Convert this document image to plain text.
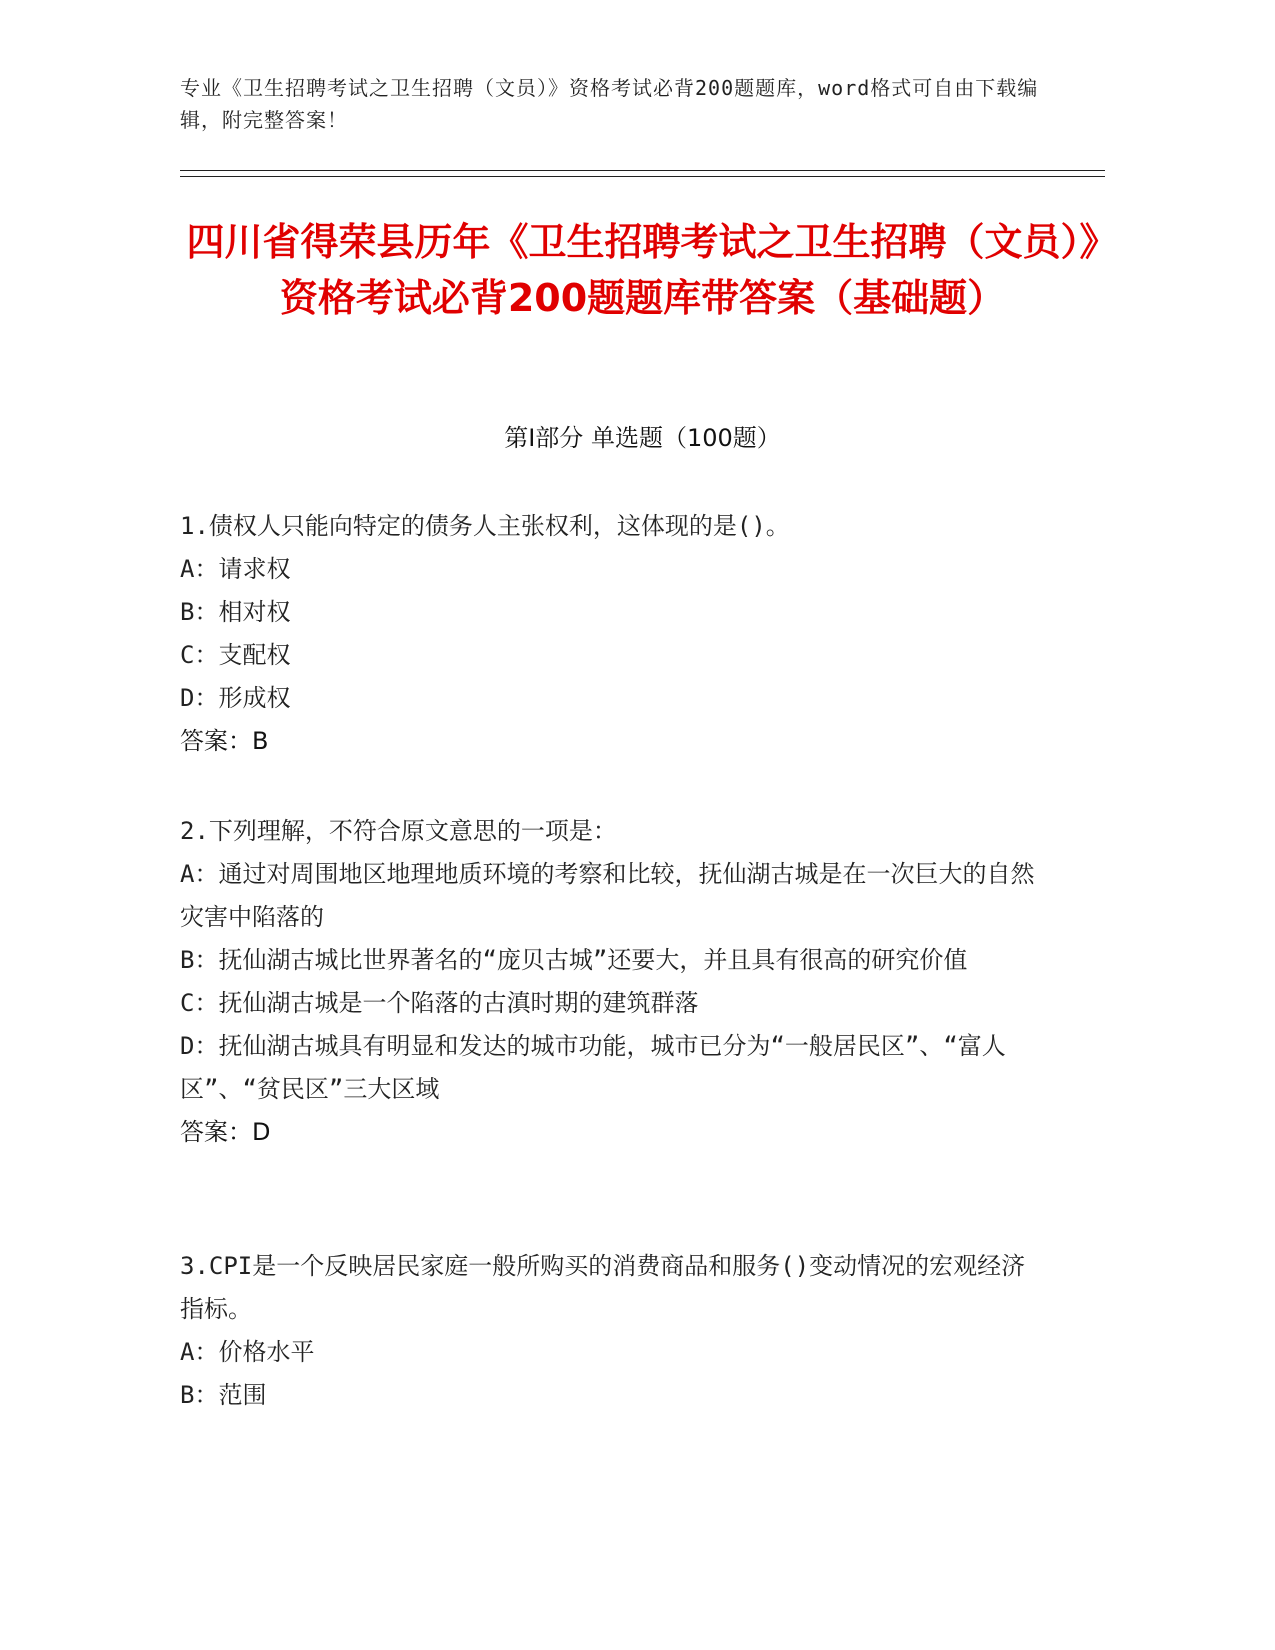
专业《卫生招聘考试之卫生招聘（文员）》资格考试必背200题题库，word格式可自由下载编辑，附完整答案！
四川省得荣县历年《卫生招聘考试之卫生招聘（文员）》资格考试必背200题题库带答案（基础题）
第I部分 单选题（100题）

1.债权人只能向特定的债务人主张权利，这体现的是()。

A：请求权

B：相对权

C：支配权

D：形成权

答案：B

2.下列理解，不符合原文意思的一项是：

A：通过对周围地区地理地质环境的考察和比较，抚仙湖古城是在一次巨大的自然灾害中陷落的

B：抚仙湖古城比世界著名的“庞贝古城”还要大，并且具有很高的研究价值

C：抚仙湖古城是一个陷落的古滇时期的建筑群落

D：抚仙湖古城具有明显和发达的城市功能，城市已分为“一般居民区”、“富人区”、“贫民区”三大区域

答案：D

3.CPI是一个反映居民家庭一般所购买的消费商品和服务()变动情况的宏观经济指标。

A：价格水平

B：范围
